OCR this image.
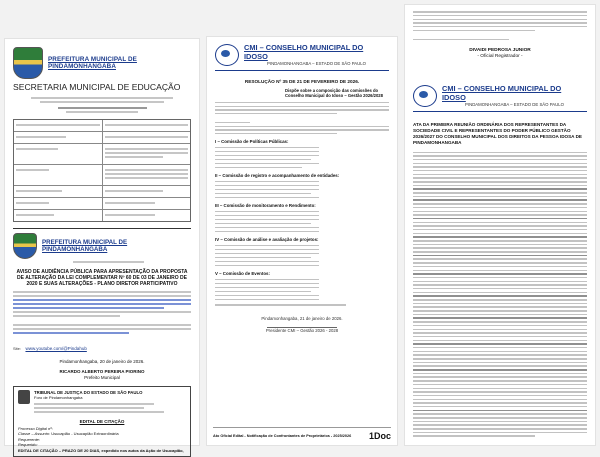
PREFEITURA MUNICIPAL DE PINDAMONHANGABA
SECRETARIA MUNICIPAL DE EDUCAÇÃO
PREFEITURA MUNICIPAL DE PINDAMONHANGABA
AVISO DE AUDIÊNCIA PÚBLICA PARA APRESENTAÇÃO DA PROPOSTA DE ALTERAÇÃO DA LEI COMPLEMENTAR Nº 60 DE 03 DE JANEIRO DE 2020 E SUAS ALTERAÇÕES - PLANO DIRETOR PARTICIPATIVO
Site: www.youtube.com/@Pindahub
Pindamonhangaba, 20 de janeiro de 2026.
RICARDO ALBERTO PEREIRA PIORINO
Prefeito Municipal
TRIBUNAL DE JUSTIÇA DO ESTADO DE SÃO PAULO
Foro de Pindamonhangaba
EDITAL DE CITAÇÃO
Processo Digital nº:
Classe – Assunto: Usucapião - Usucapião Extraordinária
Requerente:
Requerido:
EDITAL DE CITAÇÃO – PRAZO DE 20 DIAS, expedido nos autos da Ação de Usucapião,
CMI – CONSELHO MUNICIPAL DO IDOSO
PINDAMONHANGABA – ESTADO DE SÃO PAULO
RESOLUÇÃO Nº 35 DE 21 DE FEVEREIRO DE 2026.
Dispõe sobre a composição das comissões do Conselho Municipal do Idoso – Gestão 2026/2028
I – Comissão de Políticas Públicas:
II – Comissão de registro e acompanhamento de entidades:
III – Comissão de monitoramento e Rendimento:
IV – Comissão de análise e avaliação de projetos:
V – Comissão de Eventos:
Pindamonhangaba, 21 de janeiro de 2026.
Presidente CMI – Gestão 2026 - 2028
Ato Oficial Edital - Notificação de Confrontantes de Proprietários - 2025/2026 1Doc
DIVAIDI PEDROSA JUNIOR
- Oficial Registrador -
CMI – CONSELHO MUNICIPAL DO IDOSO
PINDAMONHANGABA – ESTADO DE SÃO PAULO
ATA DA PRIMEIRA REUNIÃO ORDINÁRIA DOS REPRESENTANTES DA SOCIEDADE CIVIL E REPRESENTANTES DO PODER PÚBLICO GESTÃO 2026/2027 DO CONSELHO MUNICIPAL DOS DIREITOS DA PESSOA IDOSA DE PINDAMONHANGABA
